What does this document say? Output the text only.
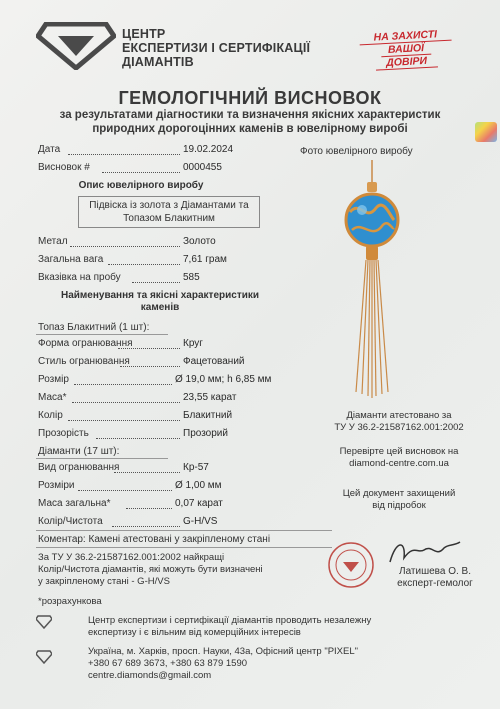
ЦЕНТР
ЕКСПЕРТИЗИ І СЕРТИФІКАЦІЇ
ДІАМАНТІВ
НА ЗАХИСТІ
ВАШОЇ
ДОВІРИ
ГЕМОЛОГІЧНИЙ ВИСНОВОК
за результатами діагностики та визначення якісних характеристик
природних дорогоцінних каменів в ювелірному виробі
Дата	19.02.2024
Висновок #	0000455
Фото ювелірного виробу
Опис ювелірного виробу
Підвіска із золота з Діамантами та Топазом Блакитним
Метал	Золото
Загальна вага	7,61 грам
Вказівка на пробу	585
Найменування та якісні характеристики каменів
Топаз Блакитний (1 шт):
Форма огранювання	Круг
Стиль огранювання	Фацетований
Розмір	Ø 19,0 мм; h 6,85 мм
Маса*	23,55 карат
Колір	Блакитний
Прозорість	Прозорий
Діаманти (17 шт):
Вид огранювання	Кр-57
Розміри	Ø 1,00 мм
Маса загальна*	0,07 карат
Колір/Чистота	G-H/VS
Коментар: Камені атестовані у закріпленому стані
За ТУ У 36.2-21587162.001:2002 найкращі
Колір/Чистота діамантів, які можуть бути визначені
у закріпленому стані - G-H/VS
*розрахункова
Діаманти атестовано за
ТУ У 36.2-21587162.001:2002
Перевірте цей висновок на
diamond-centre.com.ua
Цей документ захищений
від підробок
Латишева О. В.
експерт-гемолог
Центр експертизи і сертифікації діамантів проводить незалежну
експертизу і є вільним від комерційних інтересів
Україна, м. Харків, просп. Науки, 43а, Офісний центр "PIXEL"
+380 67 689 3673, +380 63 879 1590
centre.diamonds@gmail.com
